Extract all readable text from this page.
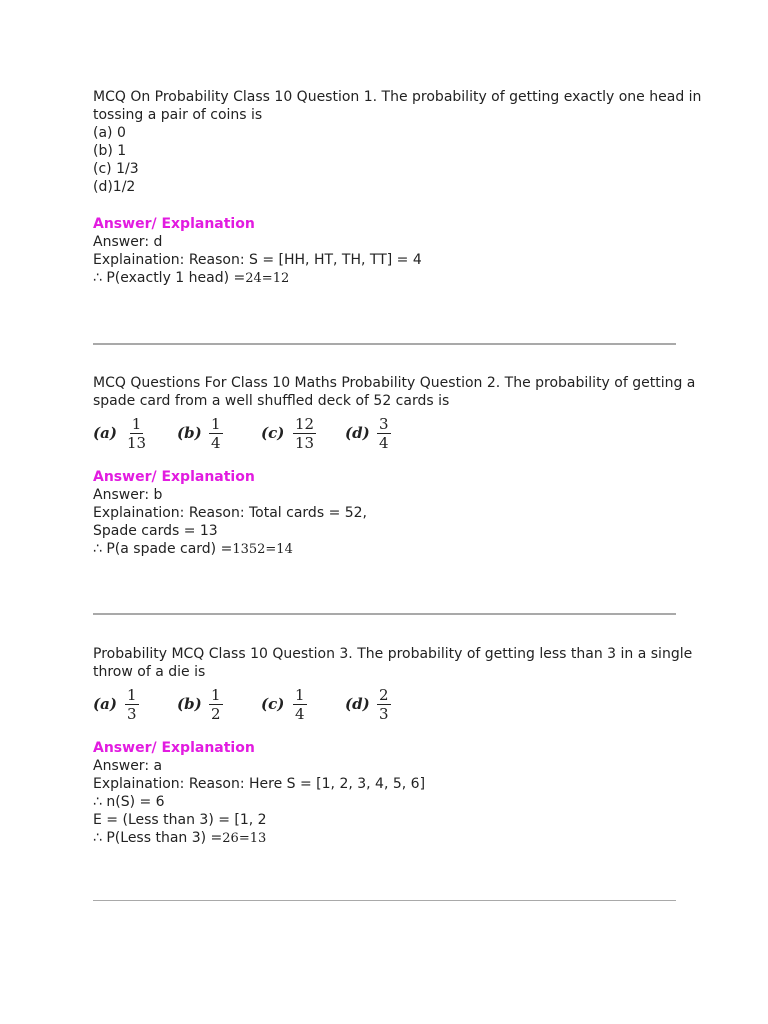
MCQ On Probability Class 10 Question 1. The probability of getting exactly one head in
tossing a pair of coins is
(a) 0
(b) 1
(c) 1/3
(d)1/2
Answer/ Explanation
Answer: d
Explaination: Reason: S = [HH, HT, TH, TT] = 4
∴ P(exactly 1 head) =24=12
MCQ Questions For Class 10 Maths Probability Question 2. The probability of getting a
spade card from a well shuffled deck of 52 cards is
$(a) \frac{1}{13} (b) \frac{1}{4}$	$(c) \frac{12}{13} (d) \frac{3}{4}$
Answer/ Explanation
Answer: b
Explaination: Reason: Total cards = 52,
Spade cards = 13
∴ P(a spade card) =1352=14
Probability MCQ Class 10 Question 3. The probability of getting less than 3 in a single
throw of a die is
$(a) \frac{1}{3}$	$(b) \frac{1}{2}$	$(c) \frac{1}{4}$	$(d) \frac{2}{3}$
Answer/ Explanation
Answer: a
Explaination: Reason: Here S = [1, 2, 3, 4, 5, 6]
∴ n(S) = 6
E = (Less than 3) = [1, 2
∴ P(Less than 3) =26=13
